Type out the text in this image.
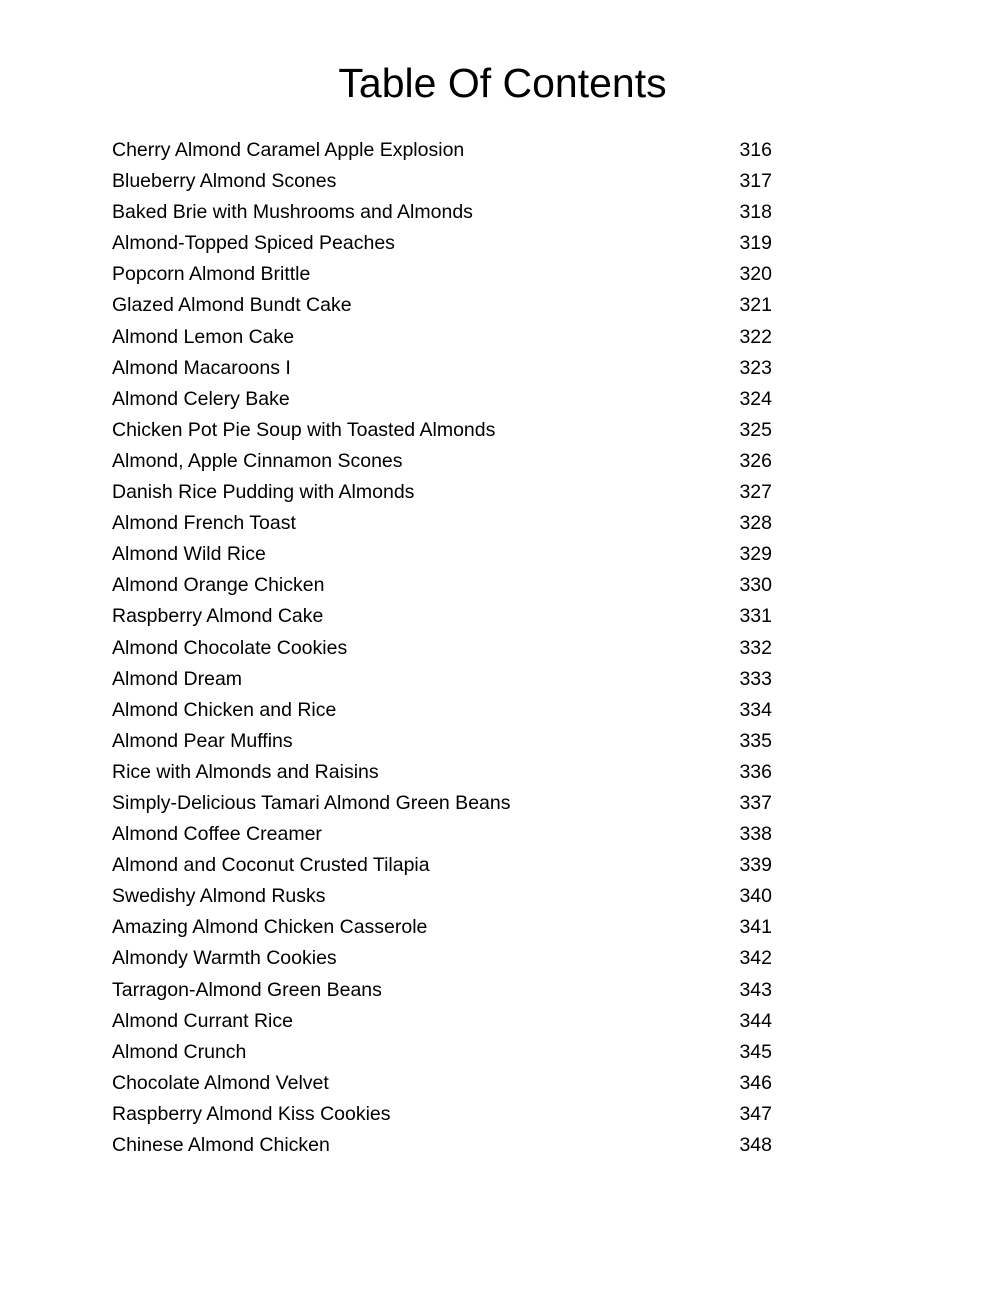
Table Of Contents
Cherry Almond Caramel Apple Explosion	316
Blueberry Almond Scones	317
Baked Brie with Mushrooms and Almonds	318
Almond-Topped Spiced Peaches	319
Popcorn Almond Brittle	320
Glazed Almond Bundt Cake	321
Almond Lemon Cake	322
Almond Macaroons I	323
Almond Celery Bake	324
Chicken Pot Pie Soup with Toasted Almonds	325
Almond, Apple Cinnamon Scones	326
Danish Rice Pudding with Almonds	327
Almond French Toast	328
Almond Wild Rice	329
Almond Orange Chicken	330
Raspberry Almond Cake	331
Almond Chocolate Cookies	332
Almond Dream	333
Almond Chicken and Rice	334
Almond Pear Muffins	335
Rice with Almonds and Raisins	336
Simply-Delicious Tamari Almond Green Beans	337
Almond Coffee Creamer	338
Almond and Coconut Crusted Tilapia	339
Swedishy Almond Rusks	340
Amazing Almond Chicken Casserole	341
Almondy Warmth Cookies	342
Tarragon-Almond Green Beans	343
Almond Currant Rice	344
Almond Crunch	345
Chocolate Almond Velvet	346
Raspberry Almond Kiss Cookies	347
Chinese Almond Chicken	348
